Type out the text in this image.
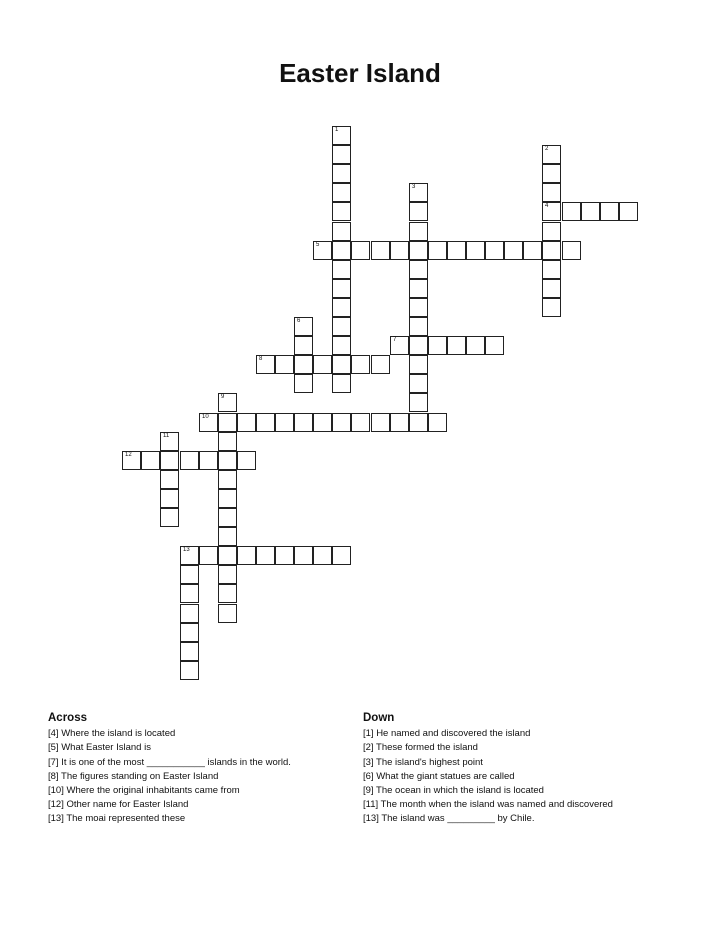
Easter Island
1
2
4
3
5
6
7
8
9
10
11
12
13
Across
[4] Where the island is located
[5] What Easter Island is
[7] It is one of the most ___________ islands in the world.
[8] The figures standing on Easter Island
[10] Where the original inhabitants came from
[12] Other name for Easter Island
[13] The moai represented these
Down
[1] He named and discovered the island
[2] These formed the island
[3] The island's highest point
[6] What the giant statues are called
[9] The ocean in which the island is located
[11] The month when the island was named and discovered
[13] The island was _________ by Chile.
